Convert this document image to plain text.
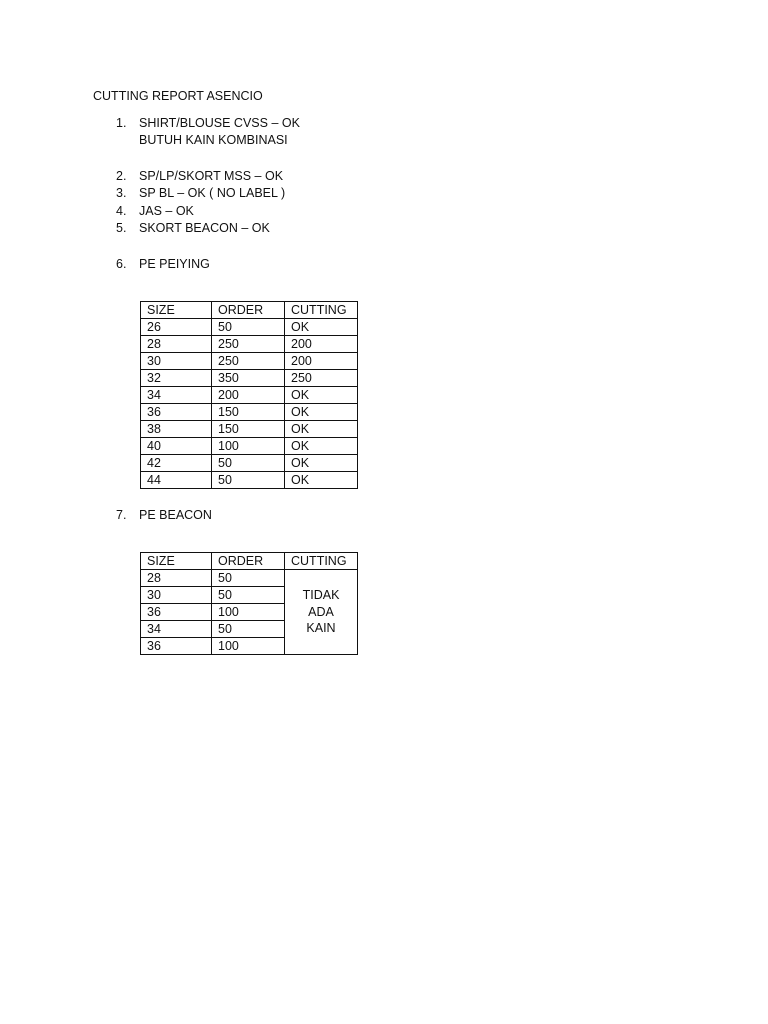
CUTTING REPORT ASENCIO
1.	SHIRT/BLOUSE CVSS – OK
BUTUH KAIN KOMBINASI
2.	SP/LP/SKORT MSS – OK
3.	SP BL – OK ( NO LABEL )
4.	JAS – OK
5.	SKORT BEACON – OK
6.	PE PEIYING
SIZE	ORDER	CUTTING
26	50	OK
28	250	200
30	250	200
32	350	250
34	200	OK
36	150	OK
38	150	OK
40	100	OK
42	50	OK
44	50	OK
7.	PE BEACON
SIZE	ORDER	CUTTING
28	50	TIDAK
ADA
KAIN

30	50	
36	100	
34	50	
36	100	
